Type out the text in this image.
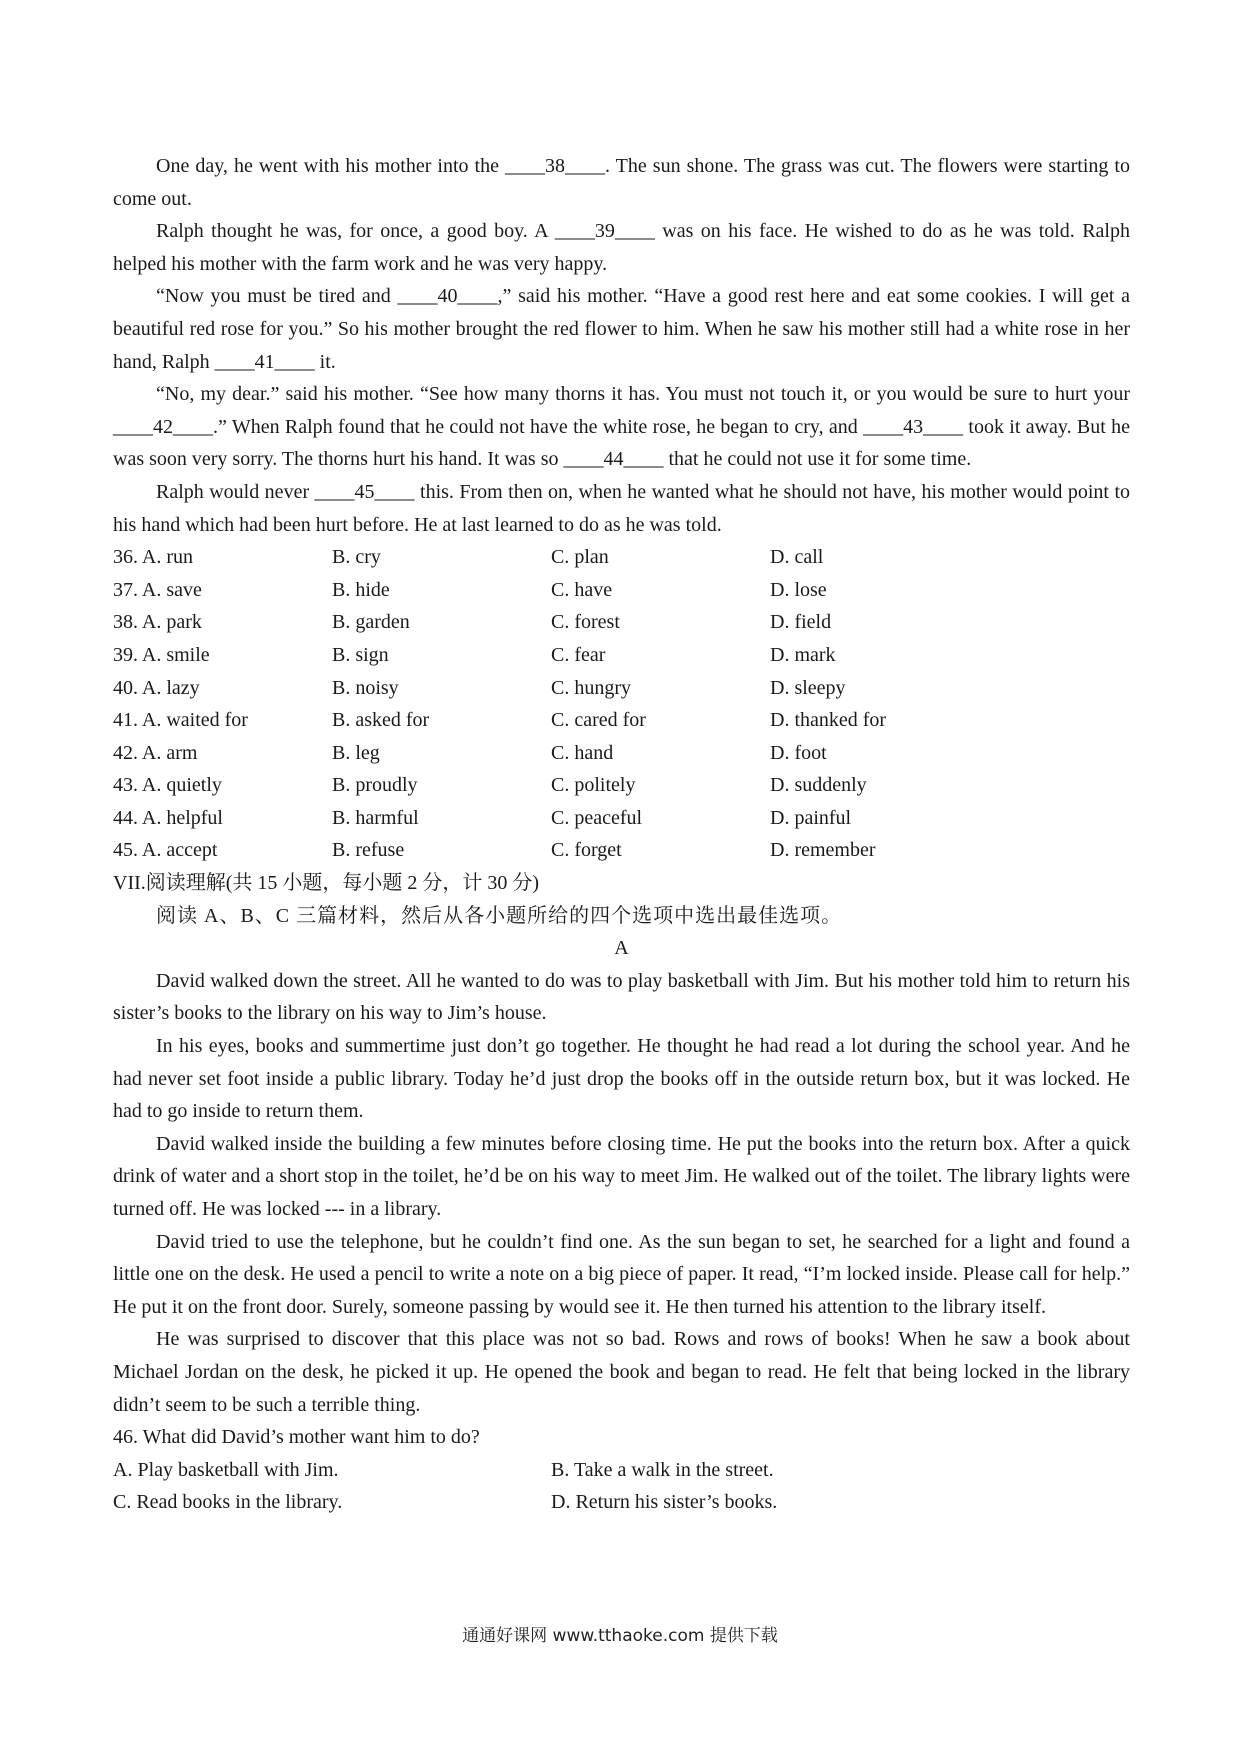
One day, he went with his mother into the ____38____. The sun shone. The grass was cut. The flowers were starting to come out.

Ralph thought he was, for once, a good boy. A ____39____ was on his face. He wished to do as he was told. Ralph helped his mother with the farm work and he was very happy.

“Now you must be tired and ____40____,” said his mother. “Have a good rest here and eat some cookies. I will get a beautiful red rose for you.” So his mother brought the red flower to him. When he saw his mother still had a white rose in her hand, Ralph ____41____ it.

“No, my dear.” said his mother. “See how many thorns it has. You must not touch it, or you would be sure to hurt your ____42____.” When Ralph found that he could not have the white rose, he began to cry, and ____43____ took it away. But he was soon very sorry. The thorns hurt his hand. It was so ____44____ that he could not use it for some time.

Ralph would never ____45____ this. From then on, when he wanted what he should not have, his mother would point to his hand which had been hurt before. He at last learned to do as he was told.

36. A. run	B. cry	C. plan	D. call
37. A. save	B. hide	C. have	D. lose
38. A. park	B. garden	C. forest	D. field
39. A. smile	B. sign	C. fear	D. mark
40. A. lazy	B. noisy	C. hungry	D. sleepy
41. A. waited for	B. asked for	C. cared for	D. thanked for
42. A. arm	B. leg	C. hand	D. foot
43. A. quietly	B. proudly	C. politely	D. suddenly
44. A. helpful	B. harmful	C. peaceful	D. painful
45. A. accept	B. refuse	C. forget	D. remember
VII.阅读理解(共 15 小题，每小题 2 分，计 30 分)
阅读 A、B、C 三篇材料，然后从各小题所给的四个选项中选出最佳选项。
A

David walked down the street. All he wanted to do was to play basketball with Jim. But his mother told him to return his sister’s books to the library on his way to Jim’s house.

In his eyes, books and summertime just don’t go together. He thought he had read a lot during the school year. And he had never set foot inside a public library. Today he’d just drop the books off in the outside return box, but it was locked. He had to go inside to return them.

David walked inside the building a few minutes before closing time. He put the books into the return box. After a quick drink of water and a short stop in the toilet, he’d be on his way to meet Jim. He walked out of the toilet. The library lights were turned off. He was locked --- in a library.

David tried to use the telephone, but he couldn’t find one. As the sun began to set, he searched for a light and found a little one on the desk. He used a pencil to write a note on a big piece of paper. It read, “I’m locked inside. Please call for help.” He put it on the front door. Surely, someone passing by would see it. He then turned his attention to the library itself.

He was surprised to discover that this place was not so bad. Rows and rows of books! When he saw a book about Michael Jordan on the desk, he picked it up. He opened the book and began to read. He felt that being locked in the library didn’t seem to be such a terrible thing.

46. What did David’s mother want him to do?

A. Play basketball with Jim.	B. Take a walk in the street.
C. Read books in the library.	D. Return his sister’s books.
通通好课网 www.tthaoke.com 提供下载
